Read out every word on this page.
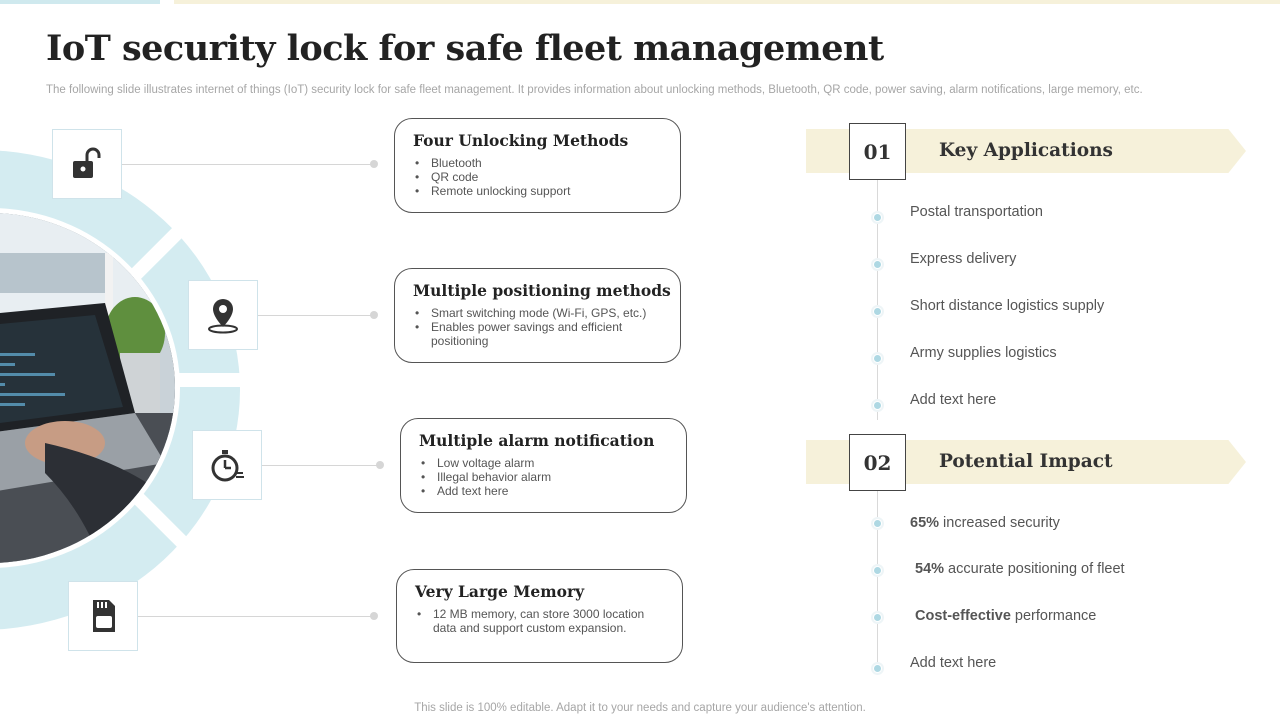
IoT security lock for safe fleet management

The following slide illustrates internet of things (IoT) security lock for safe fleet management. It provides information about unlocking methods, Bluetooth, QR code, power saving, alarm notifications, large memory, etc.

Four Unlocking Methods
• Bluetooth
• QR code
• Remote unlocking support
Multiple positioning methods
• Smart switching mode (Wi-Fi, GPS, etc.)
• Enables power savings and efficient positioning
Multiple alarm notification
• Low voltage alarm
• Illegal behavior alarm
• Add text here
Very Large Memory
• 12 MB memory, can store 3000 location data and support custom expansion.
01	Key Applications
Postal transportation
Express delivery
Short distance logistics supply
Army supplies logistics
Add text here
02	Potential Impact
65% increased security
54% accurate positioning of fleet
Cost-effective performance
Add text here
This slide is 100% editable. Adapt it to your needs and capture your audience's attention.
